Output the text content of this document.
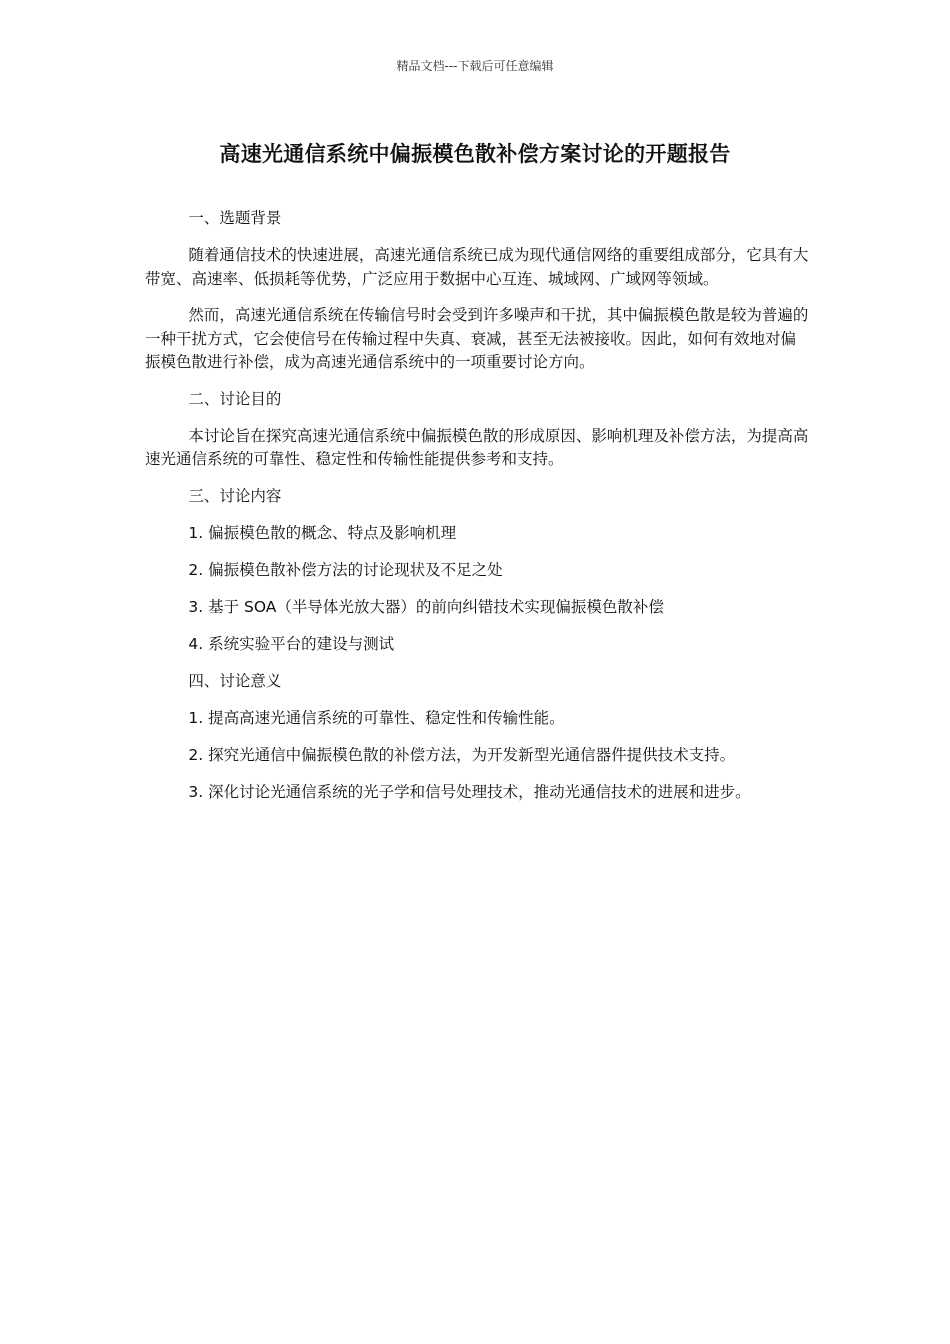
精品文档---下载后可任意编辑
高速光通信系统中偏振模色散补偿方案讨论的开题报告

一、选题背景

随着通信技术的快速进展，高速光通信系统已成为现代通信网络的重要组成部分，它具有大带宽、高速率、低损耗等优势，广泛应用于数据中心互连、城域网、广域网等领域。

然而，高速光通信系统在传输信号时会受到许多噪声和干扰，其中偏振模色散是较为普遍的一种干扰方式，它会使信号在传输过程中失真、衰减，甚至无法被接收。因此，如何有效地对偏振模色散进行补偿，成为高速光通信系统中的一项重要讨论方向。

二、讨论目的

本讨论旨在探究高速光通信系统中偏振模色散的形成原因、影响机理及补偿方法，为提高高速光通信系统的可靠性、稳定性和传输性能提供参考和支持。

三、讨论内容

1. 偏振模色散的概念、特点及影响机理

2. 偏振模色散补偿方法的讨论现状及不足之处

3. 基于 SOA（半导体光放大器）的前向纠错技术实现偏振模色散补偿

4. 系统实验平台的建设与测试

四、讨论意义

1. 提高高速光通信系统的可靠性、稳定性和传输性能。

2. 探究光通信中偏振模色散的补偿方法，为开发新型光通信器件提供技术支持。

3. 深化讨论光通信系统的光子学和信号处理技术，推动光通信技术的进展和进步。
